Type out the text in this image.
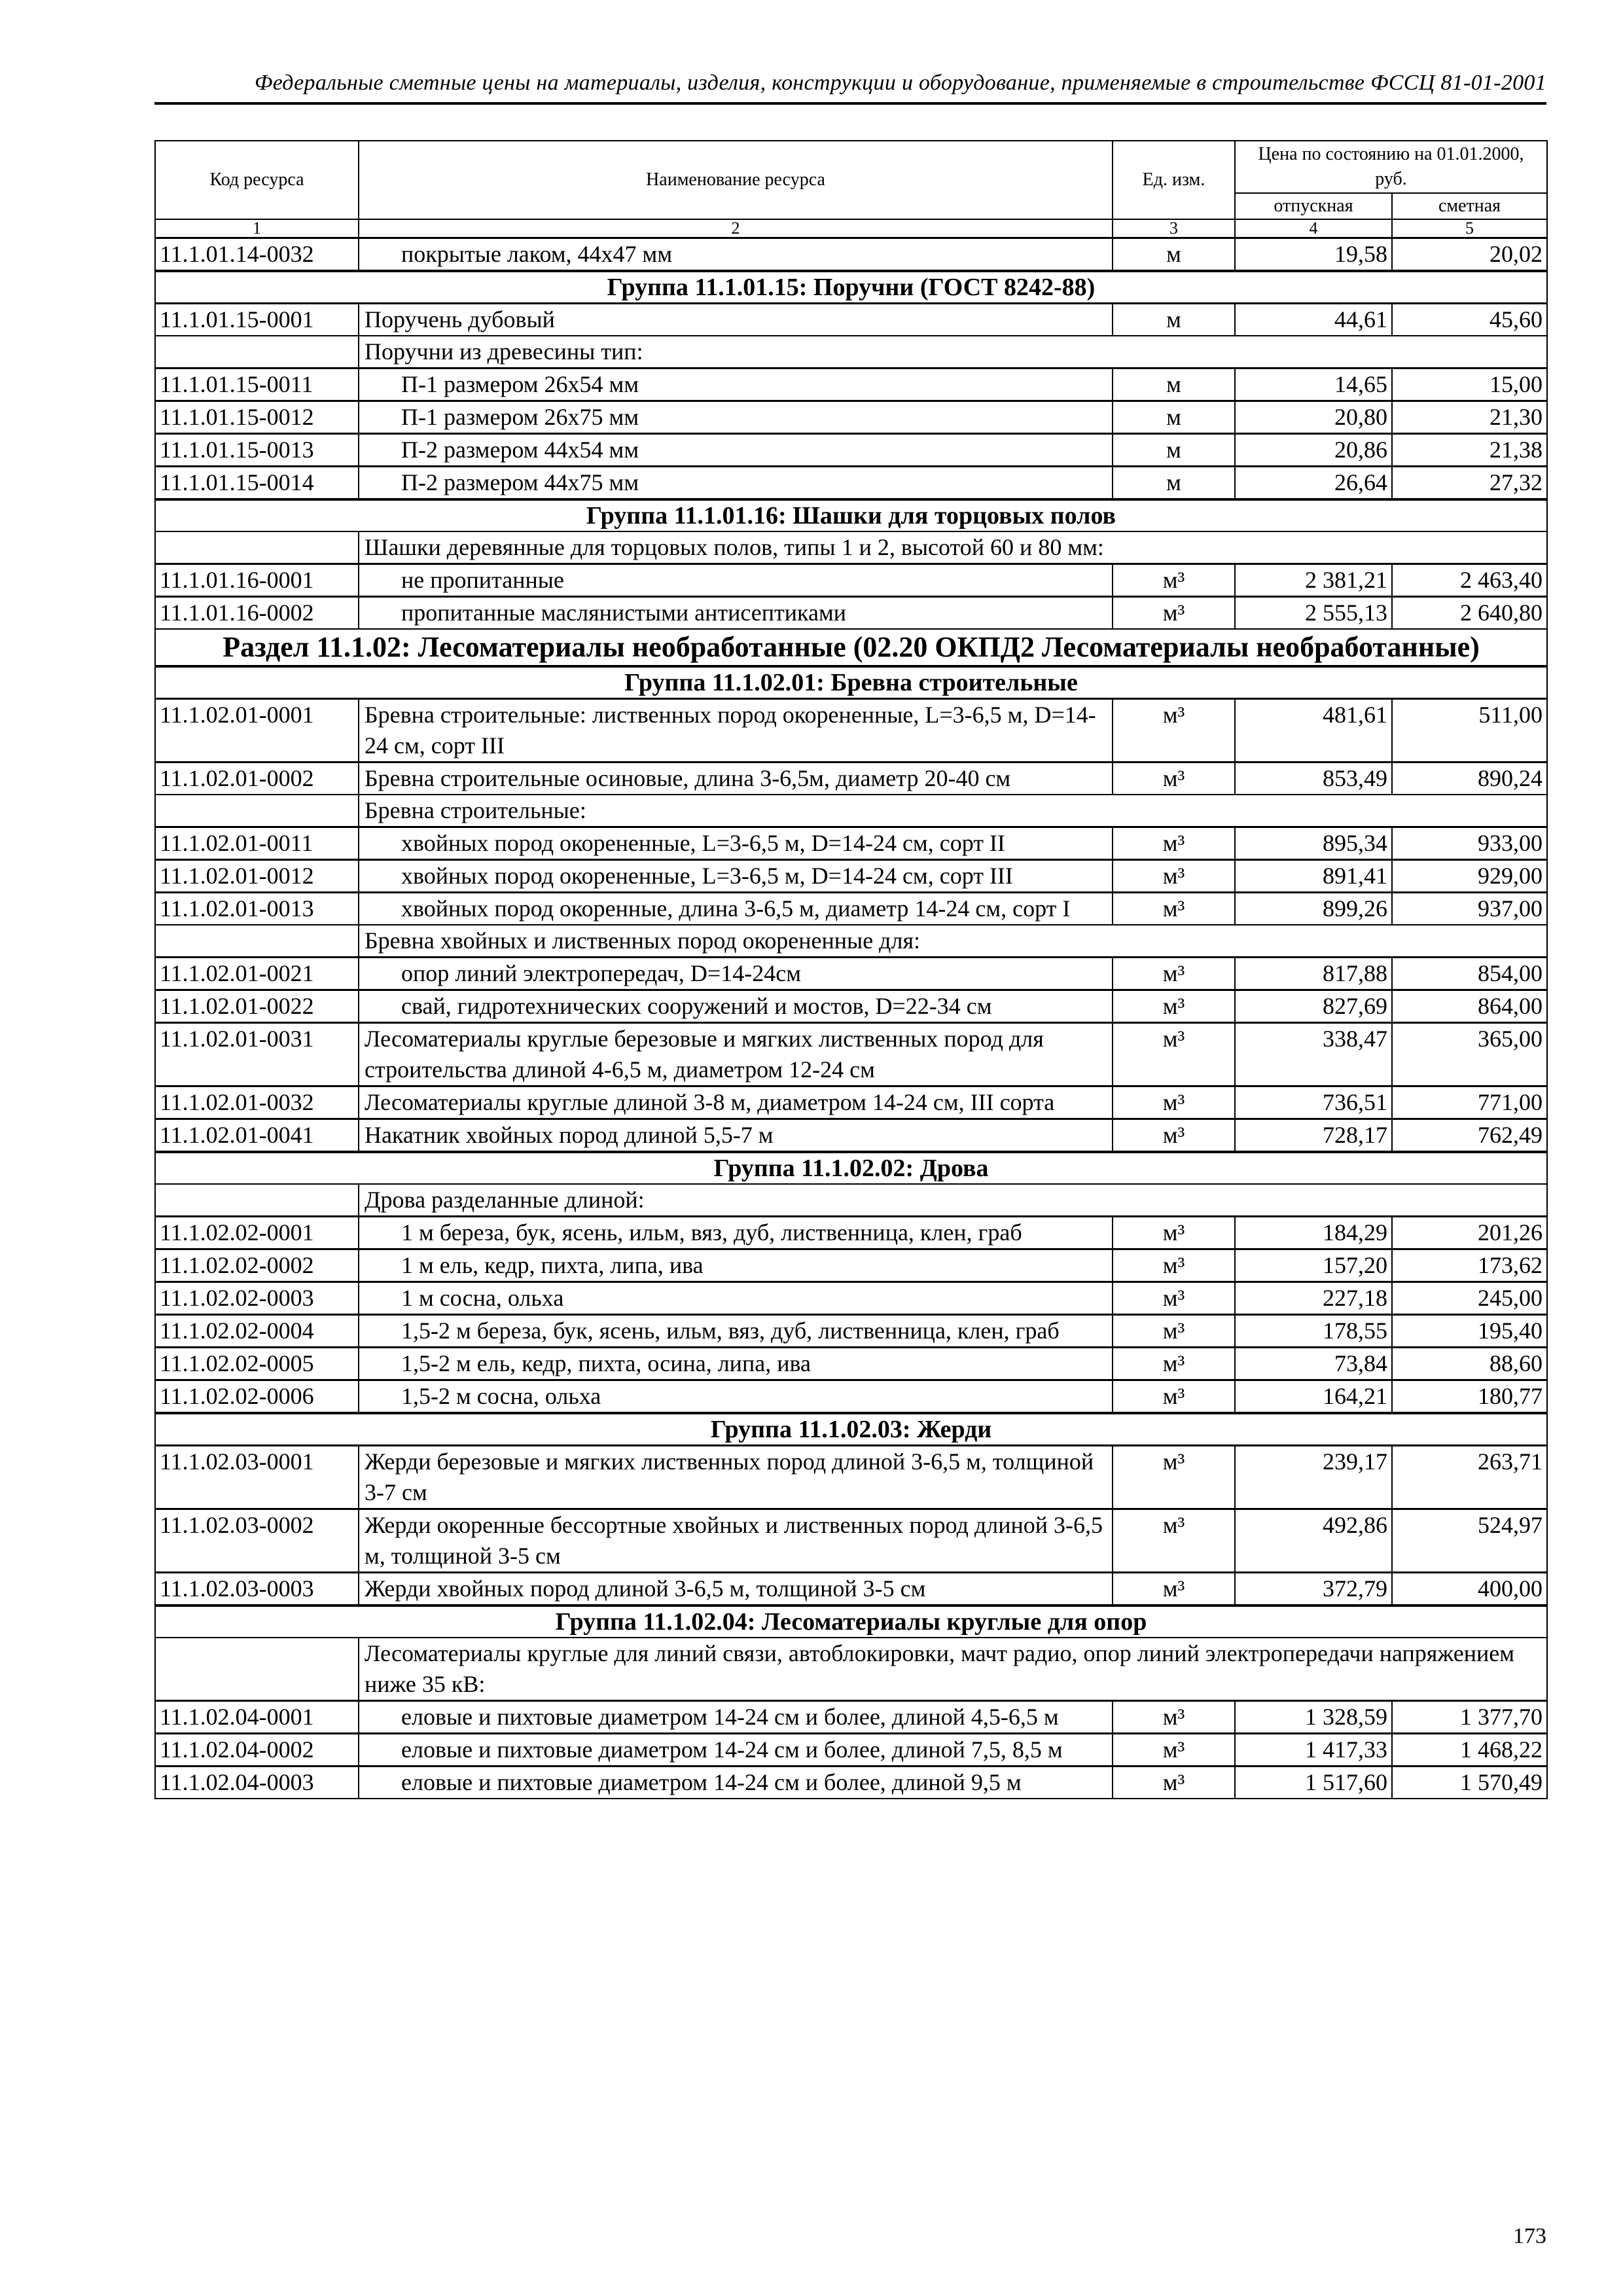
Федеральные сметные цены на материалы, изделия, конструкции и оборудование, применяемые в строительстве ФССЦ 81-01-2001
Код ресурса	Наименование ресурса	Ед. изм.	Цена по состоянию на 01.01.2000, руб.	
			отпускная	сметная
1	2	3	4	5
11.1.01.14-0032	покрытые лаком, 44x47 мм	м	19,58	20,02
Группа 11.1.01.15: Поручни (ГОСТ 8242-88)				
11.1.01.15-0001	Поручень дубовый	м	44,61	45,60
	Поручни из древесины тип:			
11.1.01.15-0011	П-1 размером 26x54 мм	м	14,65	15,00
11.1.01.15-0012	П-1 размером 26x75 мм	м	20,80	21,30
11.1.01.15-0013	П-2 размером 44x54 мм	м	20,86	21,38
11.1.01.15-0014	П-2 размером 44x75 мм	м	26,64	27,32
Группа 11.1.01.16: Шашки для торцовых полов				
	Шашки деревянные для торцовых полов, типы 1 и 2, высотой 60 и 80 мм:			
11.1.01.16-0001	не пропитанные	м³	2 381,21	2 463,40
11.1.01.16-0002	пропитанные маслянистыми антисептиками	м³	2 555,13	2 640,80
Раздел 11.1.02: Лесоматериалы необработанные (02.20 ОКПД2 Лесоматериалы необработанные)				
Группа 11.1.02.01: Бревна строительные				
11.1.02.01-0001	Бревна строительные: лиственных пород окорененные, L=3-6,5 м, D=14-24 см, сорт III	м³	481,61	511,00
11.1.02.01-0002	Бревна строительные осиновые, длина 3-6,5м, диаметр 20-40 см	м³	853,49	890,24
	Бревна строительные:			
11.1.02.01-0011	хвойных пород окорененные, L=3-6,5 м, D=14-24 см, сорт II	м³	895,34	933,00
11.1.02.01-0012	хвойных пород окорененные, L=3-6,5 м, D=14-24 см, сорт III	м³	891,41	929,00
11.1.02.01-0013	хвойных пород окоренные, длина 3-6,5 м, диаметр 14-24 см, сорт I	м³	899,26	937,00
	Бревна хвойных и лиственных пород окорененные для:			
11.1.02.01-0021	опор линий электропередач, D=14-24см	м³	817,88	854,00
11.1.02.01-0022	свай, гидротехнических сооружений и мостов, D=22-34 см	м³	827,69	864,00
11.1.02.01-0031	Лесоматериалы круглые березовые и мягких лиственных пород для строительства длиной 4-6,5 м, диаметром 12-24 см	м³	338,47	365,00
11.1.02.01-0032	Лесоматериалы круглые длиной 3-8 м, диаметром 14-24 см, III сорта	м³	736,51	771,00
11.1.02.01-0041	Накатник хвойных пород длиной 5,5-7 м	м³	728,17	762,49
Группа 11.1.02.02: Дрова				
	Дрова разделанные длиной:			
11.1.02.02-0001	1 м береза, бук, ясень, ильм, вяз, дуб, лиственница, клен, граб	м³	184,29	201,26
11.1.02.02-0002	1 м ель, кедр, пихта, липа, ива	м³	157,20	173,62
11.1.02.02-0003	1 м сосна, ольха	м³	227,18	245,00
11.1.02.02-0004	1,5-2 м береза, бук, ясень, ильм, вяз, дуб, лиственница, клен, граб	м³	178,55	195,40
11.1.02.02-0005	1,5-2 м ель, кедр, пихта, осина, липа, ива	м³	73,84	88,60
11.1.02.02-0006	1,5-2 м сосна, ольха	м³	164,21	180,77
Группа 11.1.02.03: Жерди				
11.1.02.03-0001	Жерди березовые и мягких лиственных пород длиной 3-6,5 м, толщиной 3-7 см	м³	239,17	263,71
11.1.02.03-0002	Жерди окоренные бессортные хвойных и лиственных пород длиной 3-6,5 м, толщиной 3-5 см	м³	492,86	524,97
11.1.02.03-0003	Жерди хвойных пород длиной 3-6,5 м, толщиной 3-5 см	м³	372,79	400,00
Группа 11.1.02.04: Лесоматериалы круглые для опор				
	Лесоматериалы круглые для линий связи, автоблокировки, мачт радио, опор линий электропередачи напряжением ниже 35 кВ:			
11.1.02.04-0001	еловые и пихтовые диаметром 14-24 см и более, длиной 4,5-6,5 м	м³	1 328,59	1 377,70
11.1.02.04-0002	еловые и пихтовые диаметром 14-24 см и более, длиной 7,5, 8,5 м	м³	1 417,33	1 468,22
11.1.02.04-0003	еловые и пихтовые диаметром 14-24 см и более, длиной 9,5 м	м³	1 517,60	1 570,49
173
